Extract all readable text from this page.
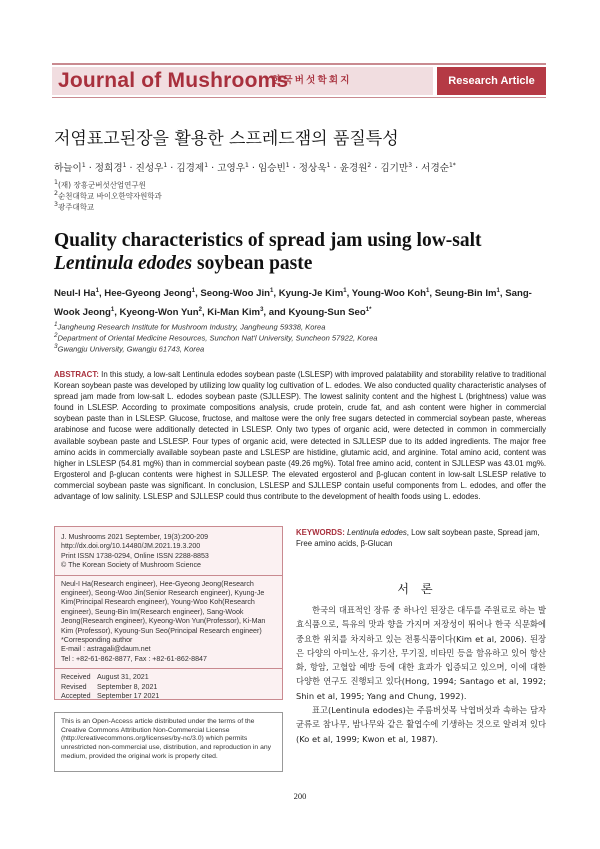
Journal of Mushrooms
한국버섯학회지	Research Article
저염표고된장을 활용한 스프레드잼의 품질특성
하늘이$^1$ · 정희경$^1$ · 진성우$^1$ · 김경제$^1$ · 고영우$^1$ · 임승빈$^1$ · 정상욱$^1$ · 윤경원$^2$ · 김기만$^3$ · 서경순$^{1*}$
$^1$(재) 장흥군버섯산업연구원
$^2$순천대학교 바이오한약자원학과
$^3$광주대학교
Quality characteristics of spread jam using low-salt Lentinula edodes soybean paste
Neul-I Ha$^1$, Hee-Gyeong Jeong$^1$, Seong-Woo Jin$^1$, Kyung-Je Kim$^1$, Young-Woo Koh$^1$, Seung-Bin Im$^1$, Sang-Wook Jeong$^1$, Kyeong-Won Yun$^2$, Ki-Man Kim$^3$, and Kyoung-Sun Seo$^{1*}$
$^1$Jangheung Research Institute for Mushroom Industry, Jangheung 59338, Korea
$^2$Department of Oriental Medicine Resources, Sunchon Nat'l University, Suncheon 57922, Korea
$^3$Gwangju University, Gwangju 61743, Korea
ABSTRACT: In this study, a low-salt Lentinula edodes soybean paste (LSLESP) with improved palatability and storability relative to traditional Korean soybean paste was developed by utilizing low quality log cultivation of L. edodes. We also conducted quality characteristic analyses of spread jam made from low-salt L. edodes soybean paste (SJLLESP). The lowest salinity content and the highest L (brightness) value was found in LSLESP. According to proximate compositions analysis, crude protein, crude fat, and ash content were higher in commercial soybean paste than in LSLESP. Glucose, fructose, and maltose were the only free sugars detected in commercial soybean paste, whereas arabinose and fucose were additionally detected in LSLESP. Only two types of organic acid, were detected in common in commercially available soybean paste and LSLESP. Four types of organic acid, were detected in SJLLESP due to its added ingredients. The major free amino acids in commercially available soybean paste and LSLESP are histidine, glutamic acid, and arginine. Total amino acid, content was higher in LSLESP (54.81 mg%) than in commercial soybean paste (49.26 mg%). Total free amino acid, content in SJLLESP was 43.01 mg%. Ergosterol and β-glucan contents were highest in SJLLESP. The elevated ergosterol and β-glucan content in low-salt LSLESP relative to commercial soybean paste was significant. In conclusion, LSLESP and SJLLESP contain useful components from L. edodes, and offer the advantage of low salinity. LSLESP and SJLLESP could thus contribute to the development of health foods using L. edodes.
J. Mushrooms 2021 September, 19(3):200-209
http://dx.doi.org/10.14480/JM.2021.19.3.200
Print ISSN 1738-0294, Online ISSN 2288-8853
© The Korean Society of Mushroom Science
Neul-I Ha(Research engineer), Hee-Gyeong Jeong(Research engineer), Seong-Woo Jin(Senior Research engineer), Kyung-Je Kim(Principal Research engineer), Young-Woo Koh(Research engineer), Seung-Bin Im(Research engineer), Sang-Wook Jeong(Research engineer), Kyeong-Won Yun(Professor), Ki-Man Kim (Professor), Kyoung-Sun Seo(Principal Research engineer)
*Corresponding author
E-mail : astragali@daum.net
Tel : +82-61-862-8877, Fax : +82-61-862-8847
Received August 31, 2021
Revised September 8, 2021
Accepted September 17 2021
This is an Open-Access article distributed under the terms of the Creative Commons Attribution Non-Commercial License (http://creativecommons.org/licenses/by-nc/3.0) which permits unrestricted non-commercial use, distribution, and reproduction in any medium, provided the original work is properly cited.
KEYWORDS: Lentinula edodes, Low salt soybean paste, Spread jam, Free amino acids, β-Glucan
서론

한국의 대표적인 장류 중 하나인 된장은 대두를 주원료로 하는 발효식품으로, 특유의 맛과 향을 가지며 저장성이 뛰어나 한국 식문화에 중요한 위치를 차지하고 있는 전통식품이다(Kim et al, 2006). 된장은 다양의 아미노산, 유기산, 무기질, 비타민 등을 함유하고 있어 항산화, 항암, 고혈압 예방 등에 대한 효과가 입증되고 있으며, 이에 대한 다양한 연구도 진행되고 있다(Hong, 1994; Santago et al, 1992; Shin et al, 1995; Yang and Chung, 1992).

표고(Lentinula edodes)는 주름버섯목 낙엽버섯과 속하는 담자균류로 참나무, 밤나무와 같은 활엽수에 기생하는 것으로 알려져 있다(Ko et al, 1999; Kwon et al, 1987).

200
